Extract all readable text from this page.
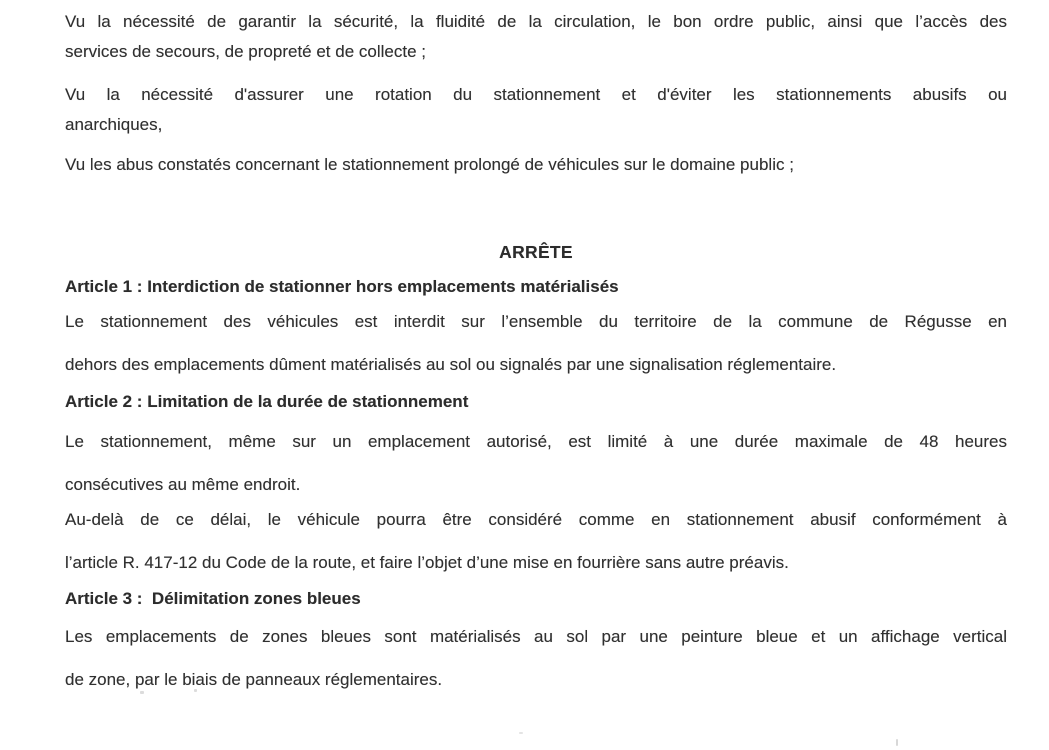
Vu la nécessité de garantir la sécurité, la fluidité de la circulation, le bon ordre public, ainsi que l’accès des
services de secours, de propreté et de collecte ;
Vu la nécessité d'assurer une rotation du stationnement et d'éviter les stationnements abusifs ou
anarchiques,
Vu les abus constatés concernant le stationnement prolongé de véhicules sur le domaine public ;
ARRÊTE
Article 1 : Interdiction de stationner hors emplacements matérialisés
Le stationnement des véhicules est interdit sur l’ensemble du territoire de la commune de Régusse en
dehors des emplacements dûment matérialisés au sol ou signalés par une signalisation réglementaire.
Article 2 : Limitation de la durée de stationnement
Le stationnement, même sur un emplacement autorisé, est limité à une durée maximale de 48 heures
consécutives au même endroit.
Au-delà de ce délai, le véhicule pourra être considéré comme en stationnement abusif conformément à
l’article R. 417-12 du Code de la route, et faire l’objet d’une mise en fourrière sans autre préavis.
Article 3 :  Délimitation zones bleues
Les emplacements de zones bleues sont matérialisés au sol par une peinture bleue et un affichage vertical
de zone, par le biais de panneaux réglementaires.
